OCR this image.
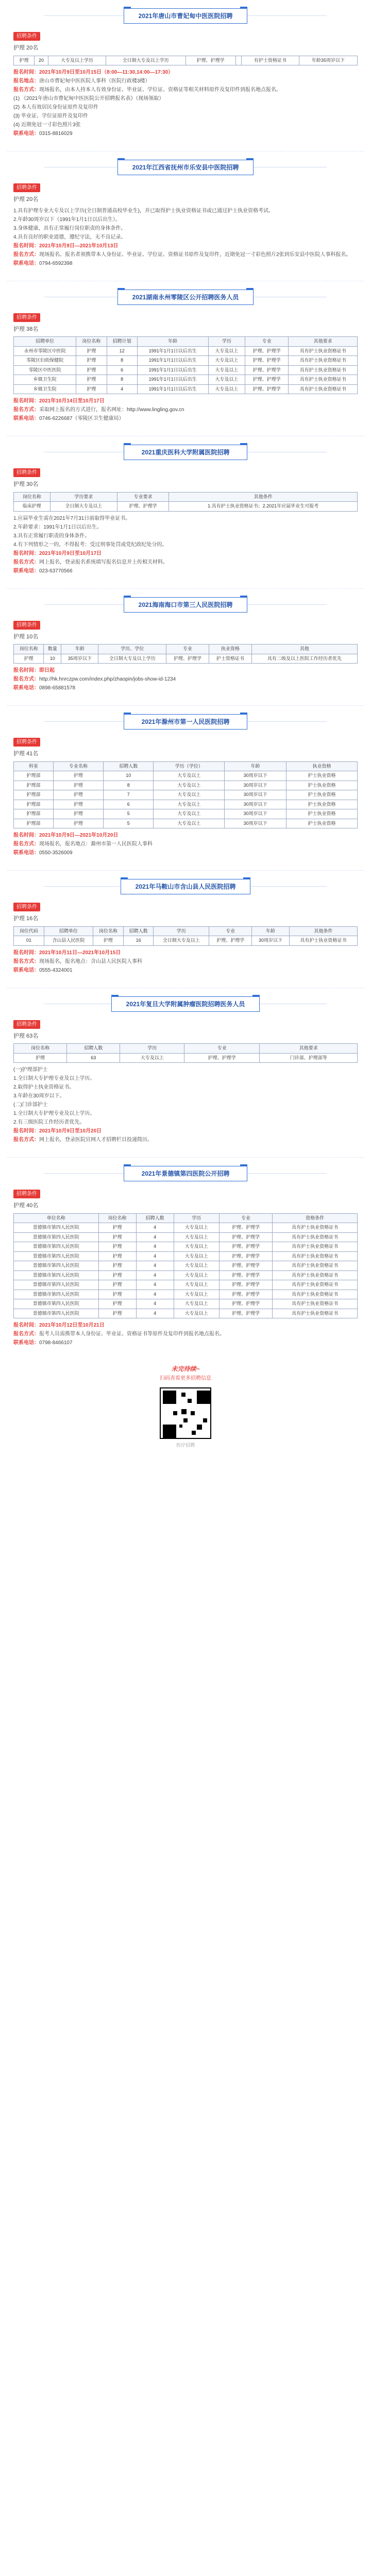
2021年唐山市曹妃甸中医医院招聘
招聘条件
护理 20名
护理	20	大专及以上学历	全日制大专及以上学历	护理、护理学		有护士资格证书	年龄35周岁以下

报名时间：2021年10月9日至10月15日（8:00—11:30,14:00—17:30）

报名地点：唐山市曹妃甸中医医院人事科（医院行政楼3楼）

报名方式：现场报名，由本人持本人有效身份证、毕业证、学位证、资格证等相关材料原件及复印件到报名地点报名。

(1) 《2021年唐山市曹妃甸中医医院公开招聘报名表》（现场领取）

(2) 本人有效居民身份证原件及复印件

(3) 毕业证、学位证原件及复印件

(4) 近期免冠一寸彩色照片3张

联系电话：0315-8816029

2021年江西省抚州市乐安县中医院招聘
招聘条件
护理 20名

1.具有护理专业大专及以上学历(全日制普通高校毕业生)，并已取得护士执业资格证书或已通过护士执业资格考试。

2.年龄30周岁以下（1991年1月1日以后出生）。

3.身体健康，具有正常履行岗位职责的身体条件。

4.具有良好的职业道德，遵纪守法，无不良记录。

报名时间：2021年10月8日—2021年10月13日

报名方式：现场报名。报名者须携带本人身份证、毕业证、学位证、资格证书原件及复印件，近期免冠一寸彩色照片2张到乐安县中医院人事科报名。

联系电话：0794-6592398

2021湖南永州零陵区公开招聘医务人员
招聘条件
护理 38名
招聘单位	岗位名称	招聘计划	年龄	学历	专业	其他要求
永州市零陵区中医院	护理	12	1991年1月1日以后出生	大专及以上	护理、护理学	具有护士执业资格证书
零陵区妇幼保健院	护理	8	1991年1月1日以后出生	大专及以上	护理、护理学	具有护士执业资格证书
零陵区中医医院	护理	6	1991年1月1日以后出生	大专及以上	护理、护理学	具有护士执业资格证书
乡镇卫生院	护理	8	1991年1月1日以后出生	大专及以上	护理、护理学	具有护士执业资格证书
乡镇卫生院	护理	4	1991年1月1日以后出生	大专及以上	护理、护理学	具有护士执业资格证书

报名时间：2021年10月14日至10月17日

报名方式：采取网上报名的方式进行，报名网址：http://www.lingling.gov.cn

联系电话：0746-6226687（零陵区卫生健康局）

2021重庆医科大学附属医院招聘
招聘条件
护理 30名
岗位名称	学历要求	专业要求	其他条件
临床护理	全日制大专及以上	护理、护理学	1.具有护士执业资格证书；2.2021年应届毕业生可报考

1.应届毕业生需在2021年7月31日前取得毕业证书。

2.年龄要求：1991年1月1日以后出生。

3.具有正常履行职责的身体条件。

4.有下列情形之一的，不得报考：受过刑事处罚或党纪政纪处分的。

报名时间：2021年10月9日至10月17日

报名方式：网上报名，登录报名系统填写报名信息并上传相关材料。

联系电话：023-63770566

2021海南海口市第三人民医院招聘
招聘条件
护理 10名
岗位名称	数量	年龄	学历、学位	专业	执业资格	其他
护理	10	35周岁以下	全日制大专及以上学历	护理、护理学	护士资格证书	具有二级及以上医院工作经历者优先

报名时间：即日起

报名方式：http://hk.hnrczpw.com/index.php/zhaopin/jobs-show-id-1234

联系电话：0898-65881578

2021年滁州市第一人民医院招聘
招聘条件
护理 41名
科室	专业名称	招聘人数	学历（学位）	年龄	执业资格
护理部	护理	10	大专及以上	30周岁以下	护士执业资格
护理部	护理	8	大专及以上	30周岁以下	护士执业资格
护理部	护理	7	大专及以上	30周岁以下	护士执业资格
护理部	护理	6	大专及以上	30周岁以下	护士执业资格
护理部	护理	5	大专及以上	30周岁以下	护士执业资格
护理部	护理	5	大专及以上	30周岁以下	护士执业资格

报名时间：2021年10月9日—2021年10月20日

报名方式：现场报名，报名地点：滁州市第一人民医院人事科

联系电话：0550-3526009

2021年马鞍山市含山县人民医院招聘
招聘条件
护理 16名
岗位代码	招聘单位	岗位名称	招聘人数	学历	专业	年龄	其他条件
01	含山县人民医院	护理	16	全日制大专及以上	护理、护理学	30周岁以下	具有护士执业资格证书

报名时间：2021年10月11日—2021年10月15日

报名方式：现场报名，报名地点：含山县人民医院人事科

联系电话：0555-4324001

2021年复旦大学附属肿瘤医院招聘医务人员
招聘条件
护理 63名
岗位名称	招聘人数	学历	专业	其他要求
护理	63	大专及以上	护理、护理学	门诊部、护理部等

(一)护理部护士

1.全日制大专护理专业及以上学历。

2.取得护士执业资格证书。

3.年龄在30周岁以下。

(二)门诊部护士

1.全日制大专护理专业及以上学历。

2.有三级医院工作经历者优先。

报名时间：2021年10月9日至10月20日

报名方式：网上报名，登录医院官网人才招聘栏目投递简历。

2021年景德镇第四医院公开招聘
招聘条件
护理 40名
单位名称	岗位名称	招聘人数	学历	专业	资格条件
景德镇市第四人民医院	护理	4	大专及以上	护理、护理学	具有护士执业资格证书
景德镇市第四人民医院	护理	4	大专及以上	护理、护理学	具有护士执业资格证书
景德镇市第四人民医院	护理	4	大专及以上	护理、护理学	具有护士执业资格证书
景德镇市第四人民医院	护理	4	大专及以上	护理、护理学	具有护士执业资格证书
景德镇市第四人民医院	护理	4	大专及以上	护理、护理学	具有护士执业资格证书
景德镇市第四人民医院	护理	4	大专及以上	护理、护理学	具有护士执业资格证书
景德镇市第四人民医院	护理	4	大专及以上	护理、护理学	具有护士执业资格证书
景德镇市第四人民医院	护理	4	大专及以上	护理、护理学	具有护士执业资格证书
景德镇市第四人民医院	护理	4	大专及以上	护理、护理学	具有护士执业资格证书
景德镇市第四人民医院	护理	4	大专及以上	护理、护理学	具有护士执业资格证书

报名时间：2021年10月12日至10月21日

报名方式：报考人员需携带本人身份证、毕业证、资格证书等原件及复印件到报名地点报名。

联系电话：0798-8466107

未完待续~
扫码查看更多招聘信息
医疗招聘
